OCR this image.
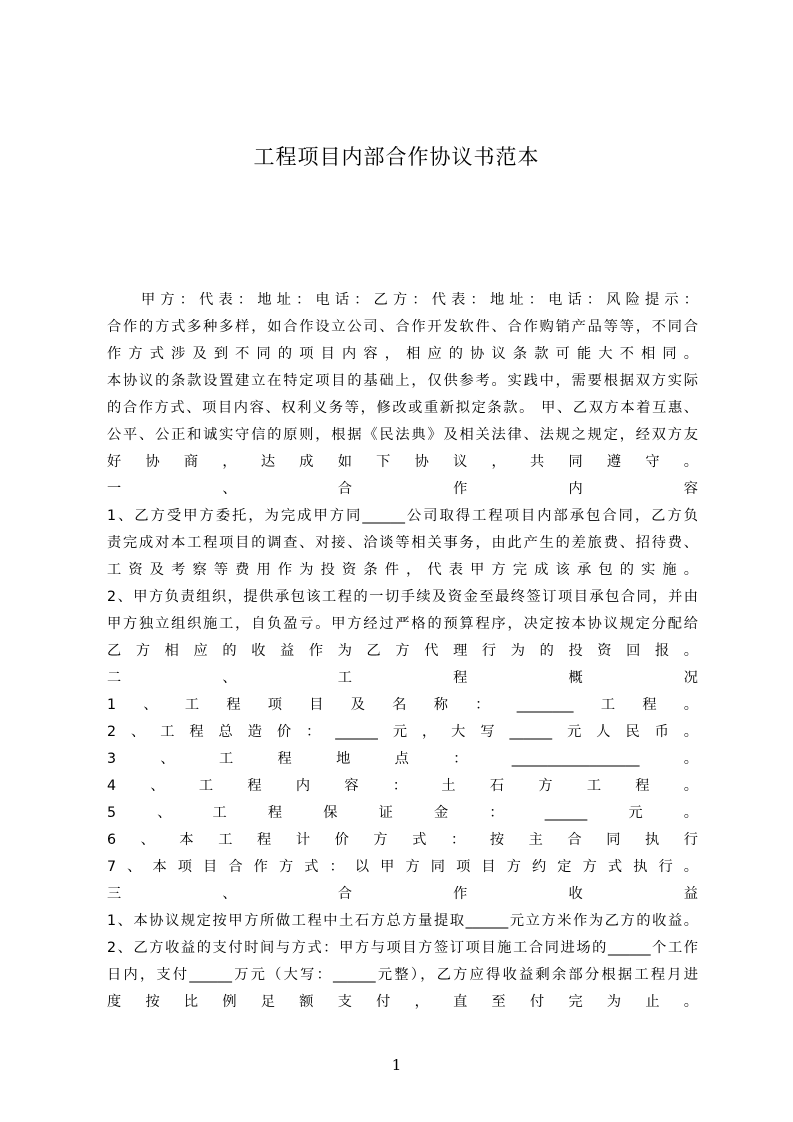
工程项目内部合作协议书范本
甲方：代表：地址：电话：乙方：代表：地址：电话：风险提示：
合作的方式多种多样，如合作设立公司、合作开发软件、合作购销产品等等，不同合
作方式涉及到不同的项目内容，相应的协议条款可能大不相同。
本协议的条款设置建立在特定项目的基础上，仅供参考。实践中，需要根据双方实际
的合作方式、项目内容、权利义务等，修改或重新拟定条款。 甲、乙双方本着互惠、
公平、公正和诚实守信的原则，根据《民法典》及相关法律、法规之规定，经双方友
好协商，达成如下协议，共同遵守。
一、合作内容
1、乙方受甲方委托，为完成甲方同______公司取得工程项目内部承包合同，乙方负
责完成对本工程项目的调查、对接、洽谈等相关事务，由此产生的差旅费、招待费、
工资及考察等费用作为投资条件，代表甲方完成该承包的实施。
2、甲方负责组织，提供承包该工程的一切手续及资金至最终签订项目承包合同，并由
甲方独立组织施工，自负盈亏。甲方经过严格的预算程序，决定按本协议规定分配给
乙方相应的收益作为乙方代理行为的投资回报。
二、工程概况
1、工程项目及名称：________工程。
2、工程总造价：______元，大写______元人民币。
3、工程地点：__________________。
4、工程内容：土石方工程。
5、工程保证金：______元。
6、本工程计价方式：按主合同执行
7、本项目合作方式：以甲方同项目方约定方式执行。
三、合作收益
1、本协议规定按甲方所做工程中土石方总方量提取______元立方米作为乙方的收益。
2、乙方收益的支付时间与方式：甲方与项目方签订项目施工合同进场的______个工作
日内，支付______万元（大写：______元整），乙方应得收益剩余部分根据工程月进
度按比例足额支付，直至付完为止。
1
